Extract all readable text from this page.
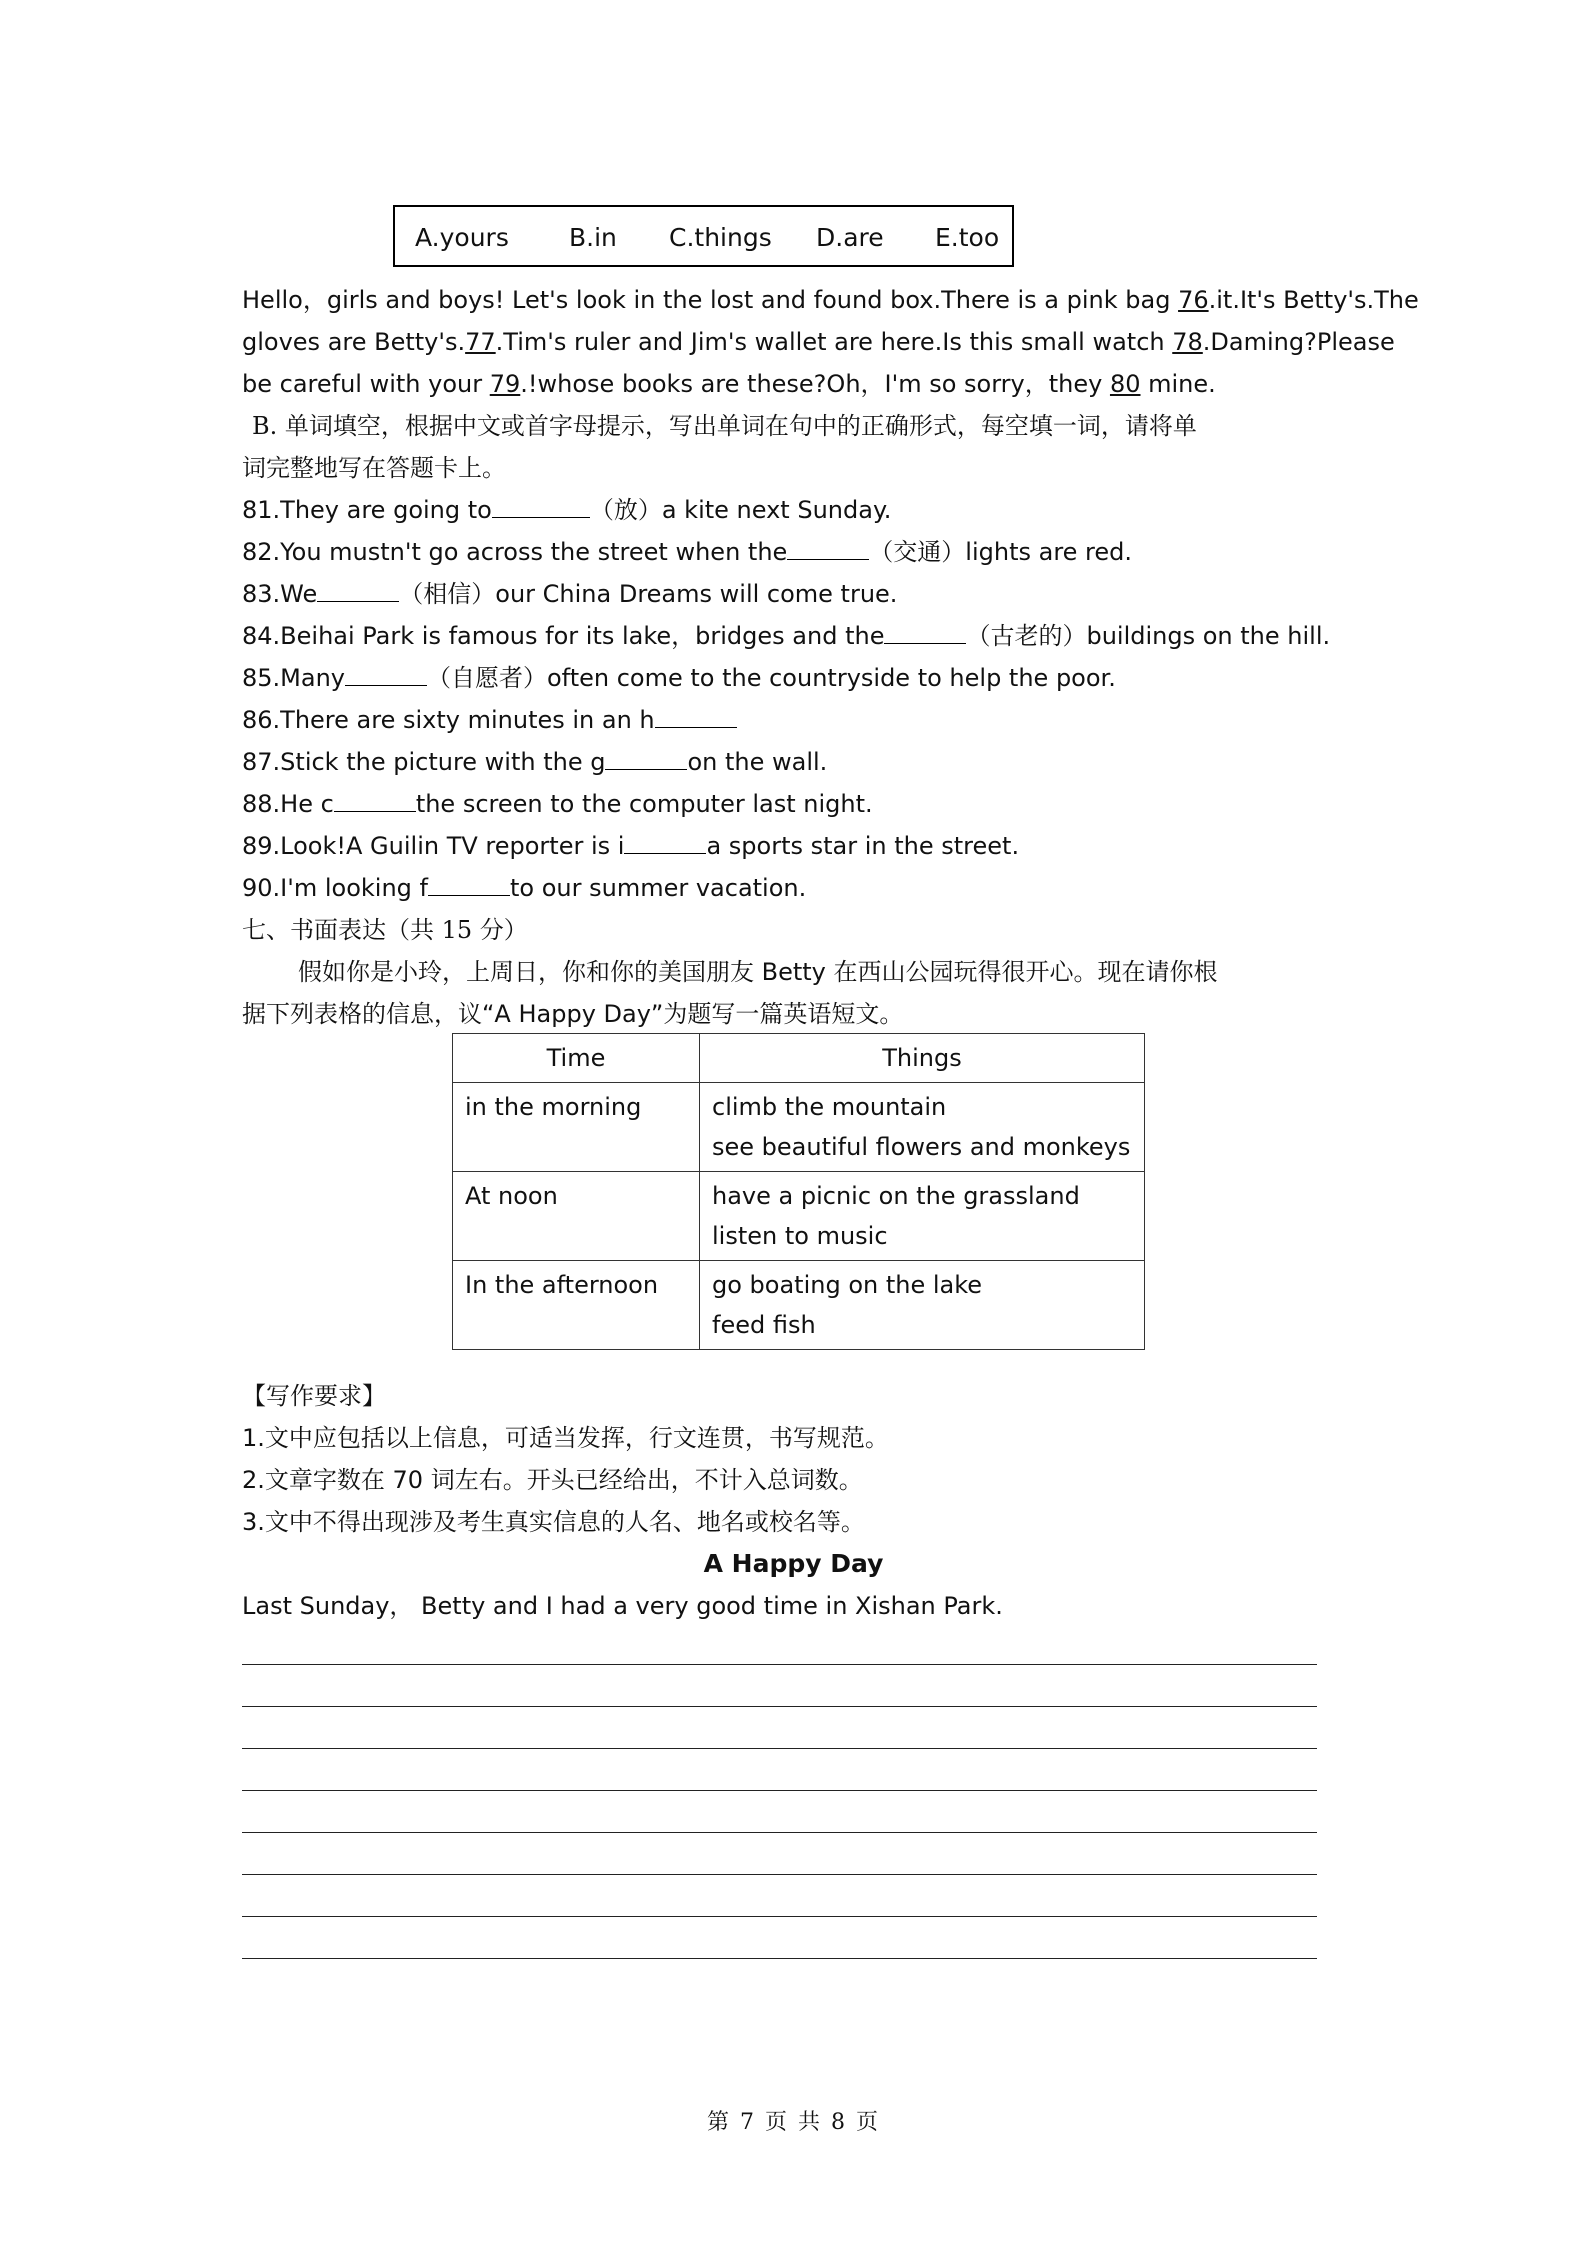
A.yours B.in C.things D.are E.too
Hello，girls and boys! Let's look in the lost and found box.There is a pink bag 76.it.It's Betty's.The
gloves are Betty's.77.Tim's ruler and Jim's wallet are here.Is this small watch 78.Daming?Please
be careful with your 79.!whose books are these?Oh，I'm so sorry，they 80 mine.
B. 单词填空，根据中文或首字母提示，写出单词在句中的正确形式，每空填一词，请将单
词完整地写在答题卡上。
81.They are going to	（放）a kite next Sunday.
82.You mustn't go across the street when the	（交通）lights are red.
83.We	（相信）our China Dreams will come true.
84.Beihai Park is famous for its lake，bridges and the	（古老的）buildings on the hill.
85.Many	（自愿者）often come to the countryside to help the poor.
86.There are sixty minutes in an h
87.Stick the picture with the g	on the wall.
88.He c	the screen to the computer last night.
89.Look!A Guilin TV reporter is i	a sports star in the street.
90.I'm looking f	to our summer vacation.
七、书面表达（共 15 分）
假如你是小玲，上周日，你和你的美国朋友 Betty 在西山公园玩得很开心。现在请你根
据下列表格的信息，议“A Happy Day”为题写一篇英语短文。
Time	Things
in the morning	climb the mountain
see beautiful flowers and monkeys

At noon	have a picnic on the grassland
listen to music

In the afternoon	go boating on the lake
feed fish
【写作要求】
1.文中应包括以上信息，可适当发挥，行文连贯，书写规范。
2.文章字数在 70 词左右。开头已经给出，不计入总词数。
3.文中不得出现涉及考生真实信息的人名、地名或校名等。
A Happy Day
Last Sunday， Betty and I had a very good time in Xishan Park.
第 7 页 共 8 页
